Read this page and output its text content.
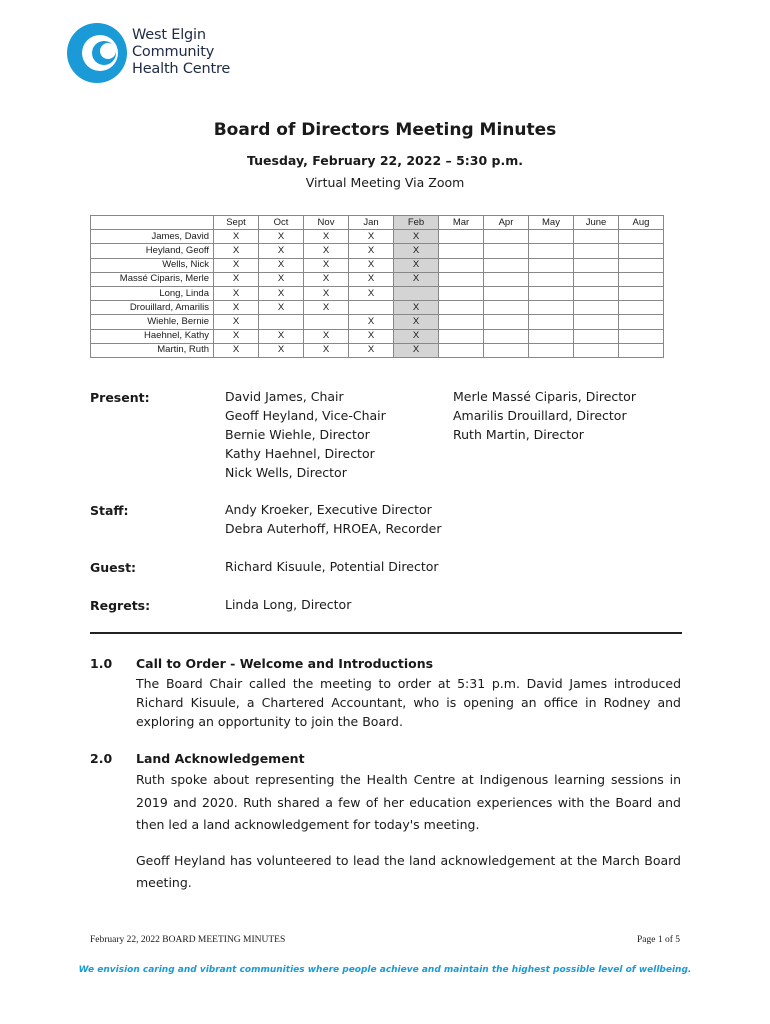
West Elgin
Community
Health Centre
Board of Directors Meeting Minutes
Tuesday, February 22, 2022 – 5:30 p.m.
Virtual Meeting Via Zoom
	Sept	Oct	Nov	Jan	Feb	Mar	Apr	May	June	Aug
James, David	X	X	X	X	X					
Heyland, Geoff	X	X	X	X	X					
Wells, Nick	X	X	X	X	X					
Massé Ciparis, Merle	X	X	X	X	X					
Long, Linda	X	X	X	X						
Drouillard, Amarilis	X	X	X		X					
Wiehle, Bernie	X			X	X					
Haehnel, Kathy	X	X	X	X	X					
Martin, Ruth	X	X	X	X	X					
Present:	David James, Chair
Geoff Heyland, Vice-Chair
Bernie Wiehle, Director
Kathy Haehnel, Director
Nick Wells, Director
Merle Massé Ciparis, Director
Amarilis Drouillard, Director
Ruth Martin, Director
Staff:	Andy Kroeker, Executive Director
Debra Auterhoff, HROEA, Recorder
Guest:	Richard Kisuule, Potential Director
Regrets:	Linda Long, Director
1.0 Call to Order - Welcome and Introductions
The Board Chair called the meeting to order at 5:31 p.m. David James introduced Richard Kisuule, a Chartered Accountant, who is opening an office in Rodney and exploring an opportunity to join the Board.
2.0 Land Acknowledgement
Ruth spoke about representing the Health Centre at Indigenous learning sessions in 2019 and 2020. Ruth shared a few of her education experiences with the Board and then led a land acknowledgement for today's meeting.
Geoff Heyland has volunteered to lead the land acknowledgement at the March Board meeting.
February 22, 2022 BOARD MEETING MINUTES	Page 1 of 5
We envision caring and vibrant communities where people achieve and maintain the highest possible level of wellbeing.
